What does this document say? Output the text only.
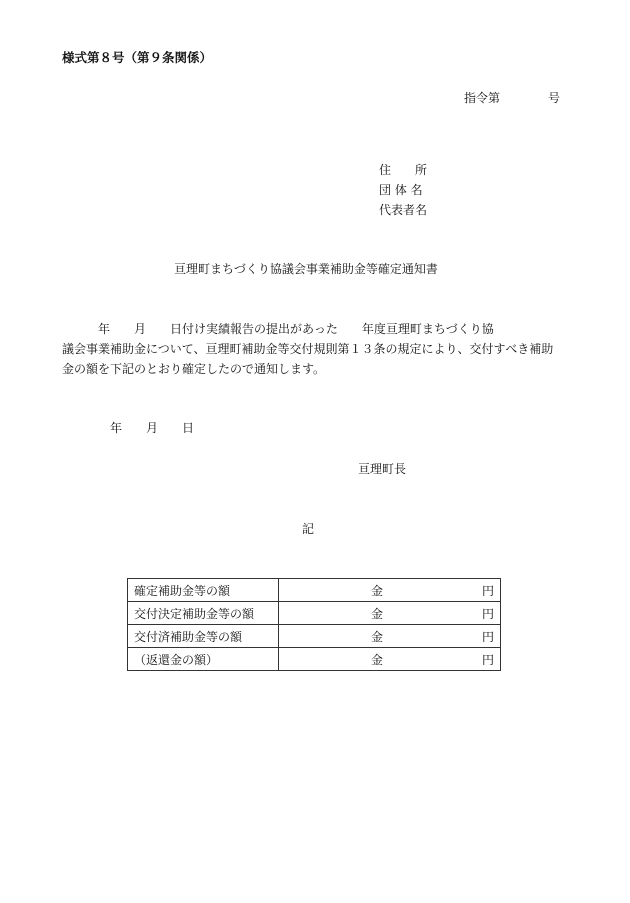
様式第８号（第９条関係）
指令第　　　　号
住　　所
団 体 名
代表者名
亘理町まちづくり協議会事業補助金等確定通知書

　　　年　　月　　日付け実績報告の提出があった　　年度亘理町まちづくり協

議会事業補助金について、亘理町補助金等交付規則第１３条の規定により、交付すべき補助

金の額を下記のとおり確定したので通知します。

年　　月　　日
亘理町長
記
確定補助金等の額	金 円

交付決定補助金等の額	金 円

交付済補助金等の額	金 円

（返還金の額）	金 円
